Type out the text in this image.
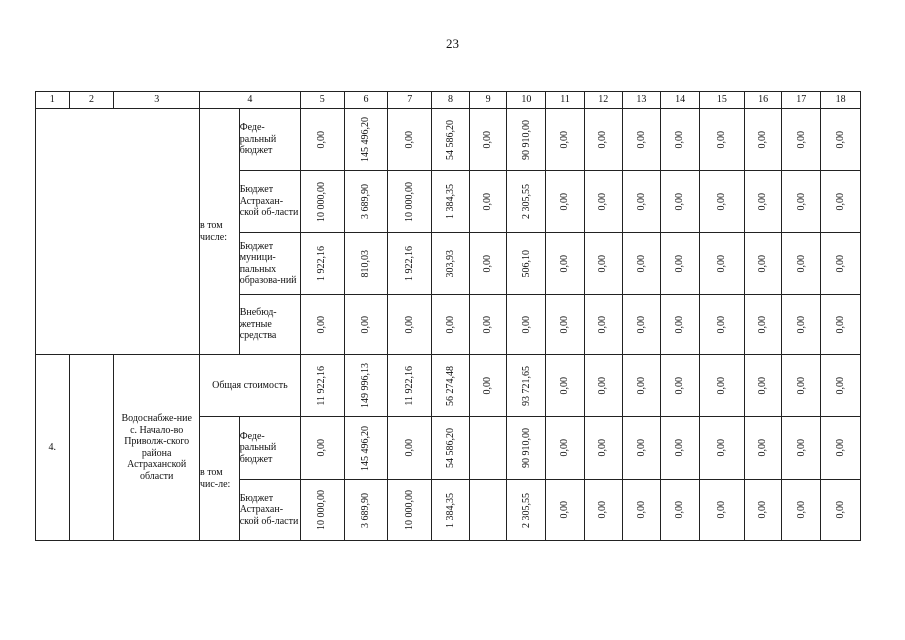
23
1	2	3	4		5	6	7	8	9	10	11	12	13	14	15	16	17	18
			в том числе:	Феде-ральный бюджет	0,00	145 496,20	0,00	54 586,20	0,00	90 910,00	0,00	0,00	0,00	0,00	0,00	0,00	0,00	0,00

				Бюджет Астрахан-ской об-ласти	10 000,00	3 689,90	10 000,00	1 384,35	0,00	2 305,55	0,00	0,00	0,00	0,00	0,00	0,00	0,00	0,00

				Бюджет муници-пальных образова-ний	1 922,16	810,03	1 922,16	303,93	0,00	506,10	0,00	0,00	0,00	0,00	0,00	0,00	0,00	0,00

				Внебюд-жетные средства	0,00	0,00	0,00	0,00	0,00	0,00	0,00	0,00	0,00	0,00	0,00	0,00	0,00	0,00

4.		Водоснабже-ние с. Начало-во Приволж-ского района Астраханской области	Общая стоимость		11 922,16	149 996,13	11 922,16	56 274,48	0,00	93 721,65	0,00	0,00	0,00	0,00	0,00	0,00	0,00	0,00

			в том чис-ле:	Феде-ральный бюджет	0,00	145 496,20	0,00	54 586,20		90 910,00	0,00	0,00	0,00	0,00	0,00	0,00	0,00	0,00

				Бюджет Астрахан-ской об-ласти	10 000,00	3 689,90	10 000,00	1 384,35		2 305,55	0,00	0,00	0,00	0,00	0,00	0,00	0,00	0,00
